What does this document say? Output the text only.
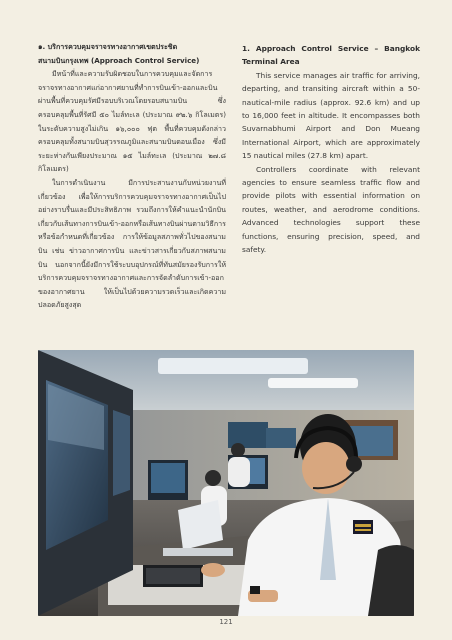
๑. บริการควบคุมจราจรทางอากาศเขตประชิด
สนามบินกรุงเทพ (Approach Control Service)

มีหน้าที่และความรับผิดชอบในการควบคุมและจัดการจราจรทางอากาศแก่อากาศยานที่ทำการบินเข้า-ออกและบินผ่านพื้นที่ควบคุมรัศมีรอบบริเวณโดยรอบสนามบิน ซึ่งครอบคลุมพื้นที่รัศมี ๕๐ ไมล์ทะเล (ประมาณ ๙๒.๖ กิโลเมตร) ในระดับความสูงไม่เกิน ๑๖,๐๐๐ ฟุต พื้นที่ควบคุมดังกล่าวครอบคลุมทั้งสนามบินสุวรรณภูมิและสนามบินดอนเมือง ซึ่งมีระยะห่างกันเพียงประมาณ ๑๕ ไมล์ทะเล (ประมาณ ๒๗.๘ กิโลเมตร)

ในการดำเนินงาน มีการประสานงานกับหน่วยงานที่เกี่ยวข้อง เพื่อให้การบริการควบคุมจราจรทางอากาศเป็นไปอย่างราบรื่นและมีประสิทธิภาพ รวมถึงการให้คำแนะนำนักบินเกี่ยวกับเส้นทางการบินเข้า-ออกหรือเส้นทางบินผ่านตามวิธีการหรือข้อกำหนดที่เกี่ยวข้อง การให้ข้อมูลสภาพทั่วไปของสนามบิน เช่น ข่าวอากาศการบิน และข่าวสารเกี่ยวกับสภาพสนามบิน นอกจากนี้ยังมีการใช้ระบบอุปกรณ์ที่ทันสมัยรองรับการให้บริการควบคุมจราจรทางอากาศและการจัดลำดับการเข้า-ออกของอากาศยาน ให้เป็นไปด้วยความรวดเร็วและเกิดความปลอดภัยสูงสุด

1. Approach Control Service – Bangkok Terminal Area

This service manages air traffic for arriving, departing, and transiting aircraft within a 50-nautical-mile radius (approx. 92.6 km) and up to 16,000 feet in altitude. It encompasses both Suvarnabhumi Airport and Don Mueang International Airport, which are approximately 15 nautical miles (27.8 km) apart.

Controllers coordinate with relevant agencies to ensure seamless traffic flow and provide pilots with essential information on routes, weather, and aerodrome conditions. Advanced technologies support these functions, ensuring precision, speed, and safety.

121
